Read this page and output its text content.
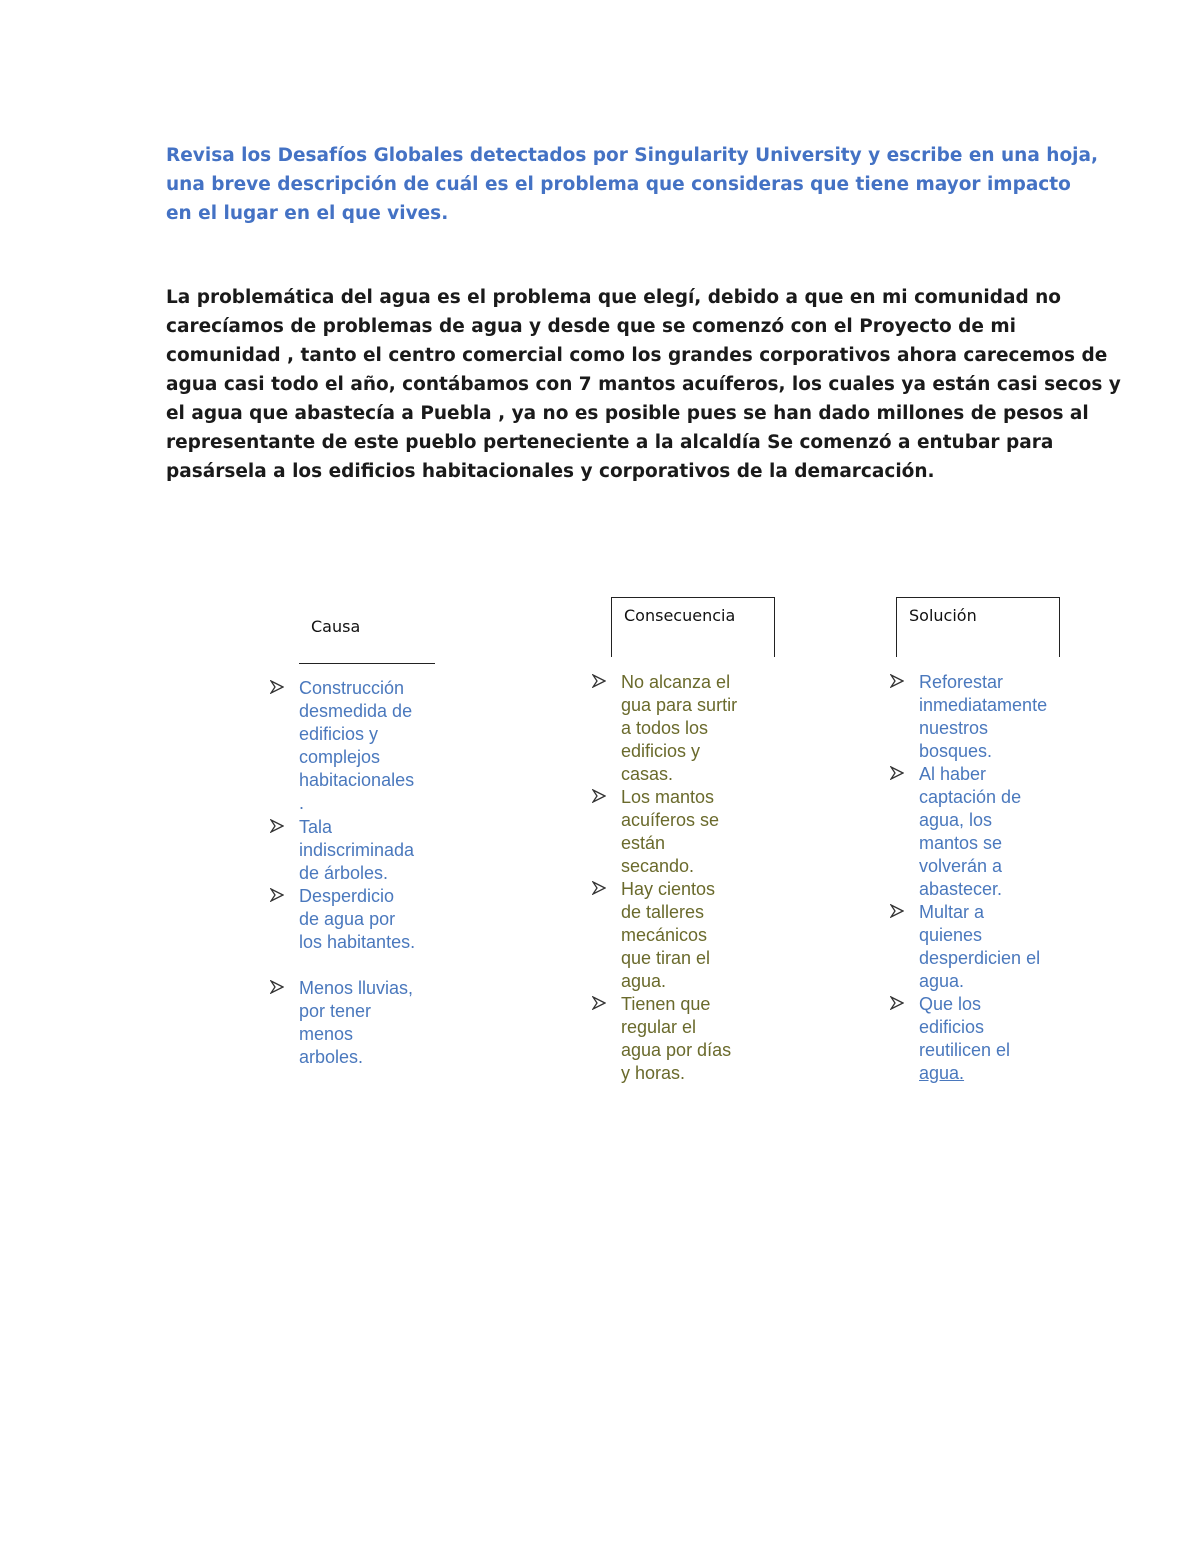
Revisa los Desafíos Globales detectados por Singularity University y escribe en una hoja,
una breve descripción de cuál es el problema que consideras que tiene mayor impacto
en el lugar en el que vives.
La problemática del agua es el problema que elegí, debido a que en mi comunidad no
carecíamos de problemas de agua y desde que se comenzó con el Proyecto de mi
comunidad , tanto el centro comercial como los grandes corporativos ahora carecemos de
agua casi todo el año, contábamos con 7 mantos acuíferos, los cuales ya están casi secos y
el agua que abastecía a Puebla , ya no es posible pues se han dado millones de pesos al
representante de este pueblo perteneciente a la alcaldía Se comenzó a entubar para
pasársela a los edificios habitacionales y corporativos de la demarcación.
Causa
Consecuencia	Solución
Construcción
desmedida de
edificios y
complejos
habitacionales
.
Tala
indiscriminada
de árboles.
Desperdicio
de agua por
los habitantes.
Menos lluvias,
por tener
menos
arboles.
No alcanza el
gua para surtir
a todos los
edificios y
casas.
Los mantos
acuíferos se
están
secando.
Hay cientos
de talleres
mecánicos
que tiran el
agua.
Tienen que
regular el
agua por días
y horas.
Reforestar
inmediatamente
nuestros
bosques.
Al haber
captación de
agua, los
mantos se
volverán a
abastecer.
Multar a
quienes
desperdicien el
agua.
Que los
edificios
reutilicen el
agua.
